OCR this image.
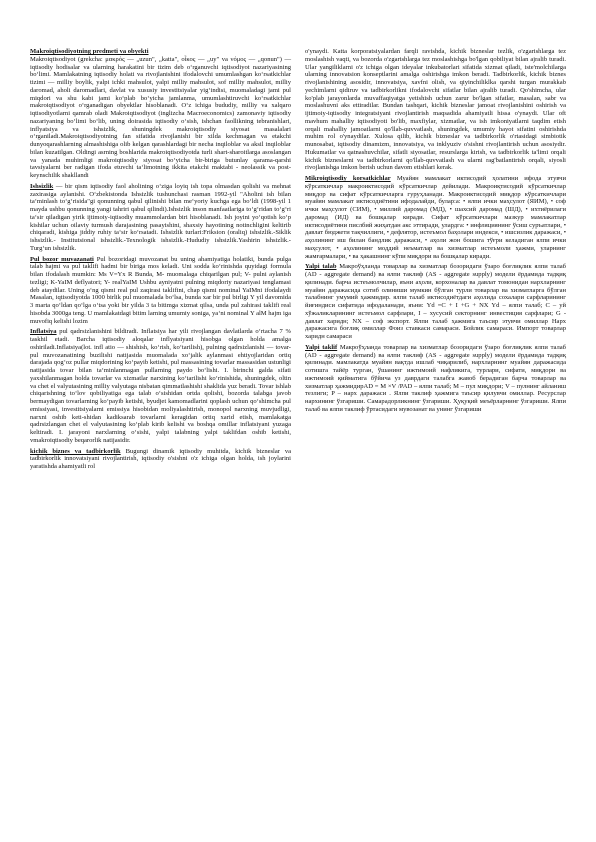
Makroiqtisodiyotning predmeti va obyekti
Makroiqtisodiyot (grekcha: μακρός — „uzun", „katta", οἶκος — „uy" va νόμος — „qonun") — iqtisodiy hodisalar va ularning harakatini bir tizim deb o‘rganuvchi iqtisodiyot nazariyasining bo‘limi. Mamlakatning iqtisodiy holati va rivojlanishini ifodalovchi umumlashgan ko‘rsatkichlar tizimi — milliy boylik, yalpi ichki mahsulot, yalpi milliy mahsulot, sof milliy mahsulot, milliy daromad, aholi daromadlari, davlat va xususiy investitsiyalar yig‘indisi, muomaladagi jami pul miqdori va shu kabi jami ko‘plab bo‘yicha jamlanma, umumlashtiruvchi ko‘rsatkichlar makroiqtisodiyot o‘rganadigan obyektlar hisoblanadi. O‘z ichiga bududiy, milliy va xalqaro iqtisodiyotlarni qamrab oladi Makroiqtisodiyot (inglizcha Macroeconomics) zamonaviy iqtisodiy nazariyaning bo‘limi bo‘lib, uning doirasida iqtisodiy o‘sish, ishchan faollikning tebranishlari, inflyatsiya va ishsizlik, shuningdek makroiqtisodiy siyosat masalalari o‘rganiladi.Makroiqtisodiyotning fan sifatida rivojlanishi bir xilda kechmagan va etakchi dunyoqarashlarning almashishiga olib kelgan qarashlardagi bir necha inqiloblar va aksil inqiloblar bilan kuzatilgan. Oldingi asrning boshlarida makroiqtisodiyotda turli shart-sharoitlarga asoslangan va yanada muhimligi makroiqtisodiy siyosat bo‘yicha bir-biriga butunlay qarama-qarshi tavsiyalarni ber radigan ifoda etuvchi ta‘limotning ikkita etakchi maktabi - neolassik va post-keynschilik shakllandi

Ishsizlik — bir qism iqtisodiy faol aholining o‘ziga loyiq ish topa olmasdan qolishi va mehnat zaxirasiga aylanishi. O‘zbekistonda Ishsizlik tushunchasi rasman 1992-yil "Aholini ish bilan ta‘minlash to‘g‘risida"gi qonunning qabul qilinishi bilan me‘yoriy kuchga ega bo‘ldi (1998-yil 1 mayda ushbu qonunning yangi tahriri qabul qilindi).Ishsizlik inson manfaatlariga to‘g‘ridan to‘g‘ri ta‘sir qiladigan yirik ijtimoiy-iqtisodiy muammolardan biri hisoblanadi. Ish joyini yo‘qotish ko‘p kishilar uchun oilaviy turmush darajasining pasayishini, shaxsiy hayotining notinchligini keltirib chiqaradi, kishiga jiddiy ruhiy ta‘sir ko‘rsatadi. Ishsizlik turlari:Friksion (oraliq) ishsizlik.-Siklik ishsizlik.- Institutsional ishsizlik.-Texnologik ishsizlik.-Hududiy ishsizlik.Yashirin ishsizlik.-Turg‘un ishsizlik.

Pul bozor muvazanati Pul bozoridagi muvozanat bu uning ahamiyatiga holatiki, bunda pulga talab hajmi va pul taklifi hadmi bir biriga mos keladi. Uni sodda ko‘rinishda quyidagi formula bilan ifodalash mumkin: Ms V=Yx R Bunda, M- muomalaga chiqarilgan pul; V- pulni aylanish tezligi; K-YaIM deflyatori; Y- realYaIM Ushbu ayniyatni pulning miqdoriy nazariyasi tenglamasi deb ataydilar. Uning o‘ng qismi real pul zaqirasi taklifini, chap qismi nominal YaIMni ifodalaydi Masalan, iqtisodiyotda 1000 birlik pul muomalada bo‘lsa, bunda xar bir pul birligi Y yil davomida 3 marta qo‘ldan qo‘lga o‘tsa yoki bir yilda 3 ta bitimga xizmat qilsa, unda pul zahirasi taklifi real hisobda 3000ga teng. U mamlakatdagi bitim larning umumiy soniga, ya‘ni nominal Y alM hajm iga muvofiq kelishi lozim

Inflatsiya pul qadrsizlanishini bildiradi. Inflatsiya har yili rivojlangan davlatlarda o‘rtacha 7 % taskhil etadi. Barcha iqtisodiy aloqalar inflyatsiyani hisobga olgan holda amalga oshiriladi.Inflatsiya(lot. infl atio — shishish, ko‘rish, ko‘tarilish), pulning qadrsizlanishi — tovar-pul muvozanatining buzilishi natijasida muomalada xo‘jalik aylanmasi ehtiyojlaridan ortiq darajada qog‘oz pullar miqdorining ko‘payib ketishi, pul massasining tovarlar massasidan ustunligi natijasida tovar bilan ta‘minlanmagan pullarning paydo bo‘lishi. I. birinchi galda sifati yaxshilanmagan holda tovarlar va xizmatlar narxining ko‘tarilishi ko‘rinishida, shuningdek, oltin va chet el valyutasining milliy valyutaga nisbatan qimmatlashishi shaklida yuz beradi. Tovar ishlab chiqarishning to‘lov qobiliyatiga ega talab o‘sishidan ortda qolishi, bozorda talabga javob bermaydigan tovarlarning ko‘payib ketishi, byudjet kamomadlarini qoplash uchun qo‘shimcha pul emissiyasi, investitsiyalarni emissiya hisobidan moliyalashtirish, monopol narxning muvjudligi, narxni oshib keti-shidan kadiksarab tovarlarni keragidan ortiq xarid etish, mamlakatga qadrsizlangan chet el valyutasining ko‘plab kirib kelishi va boshqa omillar inflatsiyani yuzaga keltiradi. I. jarayoni narxlarning o‘sishi, yalpi talabning yalpi taklifdan oshib ketishi, vmakroiqtisodiy beqarorlik natijasidir.

kichik biznes va tadbirkorlik Bugungi dinamik iqtisodiy muhitda, kichik bizneslar va tadbirkorlik innovatsiyani rivojlantirish, iqtisodiy o'sishni o'z ichiga olgan holda, ish joylarini yaratishda ahamiyatli rol

o'ynaydi. Katta korporatsiyalardan farqli ravishda, kichik biznеslar tezlik, o'zgarishlarga tez moslashish vaqti, va bozorda o'zgarishlarga tez moslashishga bo'lgan qobiliyat bilan ajralib turadi. Ular yangiliklarni o'z ichiga olgan ideyalar inkubatorlari sifatida xizmat qiladi, iste'molchilarga ularning innovatsion konseptlarini amalga oshirishga imkon beradi. Tadbirkorlik, kichik biznes rivojlanishining asosidir, innovatsiya, xavfni olish, va qiyinchiliklka qarshi turgan murakkab yechimlarni qidiruv va tadbirkorlikni ifodalovchi sifatlar bilan ajralib turadi. Qo'shimcha, ular ko'plab jarayonlarda muvaffaqiyatga yetishish uchun zarur bo'lgan sifatlar, masalan, sabr va moslashuvni aks ettiradilar. Bundan tashqari, kichik biznеslar jamoat rivojlanishini oshirish va ijtimoiy-iqtisodiy integratsiyani rivojlantirish maqsadida ahamiyatli hissa o'ynaydi. Ular oft mavhum mahalliy iqtisodiyoti bo'lib, maxfiylar, xizmatlar, va ish imkoniyatlarni taqdim etish orqali mahalliy jamoatlarni qo'llab-quvvatlash, shuningdek, umumiy hayot sifatini oshirishda muhim rol o'ynaydilar. Xulosa qilib, kichik biznеslar va tadbirkorlik o'rtasidagi simbiotik munosabat, iqtisodiy dinamizm, innovatsiya, va inklyuziv o'sishni rivojlantirish uchun asosiydir. Hukumatlar va qatnashuvchilar, sifatli siyosatlar, resurslarga kirish, va tadbirkorlik ta'limi orqali kichik biznеslarni va tadbirkorlarni qo'llab-quvvatlash va ularni rag'batlantirish orqali, siyosli rivojlanishga imkon berish uchun davom etishlari kerak.

Mikroiqtisodiy korsatkichlar Муайян мамлакат иктисодий ҳолатини ифода этувчи кўрсаткичлар макроиктисодий кўрсаткичлар дейилади. Макроиқтисодий кўрсаткичлар миқдор ва сифат кўрсаткичларга гуруҳланади. Макроиктисодий миқдор кўрсаткичлари муайян мамлакат иктисодиётини ифодалайди, булар:а: • ялпи ички маҳсулот (ЯИМ), • соф ички маҳсулот (СИМ), • миллий даромад (МД), • шахсий даромад (ШД), • ихтиёрилаги даромад (ИД) ва бошқалар киради. Сифат кўрсаткичлари мазкур мамлакатлар иктисодиётини пислбий жиҳатдан акс эттиради, улардга: • инфляциянинг ўсиш суръатлари, • давлат бюджети тақчиллиги, • дефлятор, истеъмол баҳолари индекси, • ишсизлик даражаси, • аҳолининг иш билан бандлик даражаси, • аҳоли жон бошига тўғри келадиган ялпи ички маҳсулот, • аҳолининг моддий неъматлар ва хизматлар истеъмоли ҳажми, уларнинг жамғармалари, • ва ҳакашнинг кўпи миқдори ва бошқалар киради.

Yalpi talab Макроўҳланда товарлар ва хизматлар бозоридаги ўзаро боғлиқлик ялпи талаб (AD - aggregate demand) ва ялпи таклиф (AS - aggregate supply) модели ёрдамида тадқиқ қилинади. барча истеъмолчилар, яъни аҳоли, корхоналар ва давлат томонидан нархларнинг муайян даражасида сотиб олиниши мумкин бўлган турли товарлар ва хизматларга бўлган талабнинг умумий ҳажмидир. ялпи талаб иктисодиётдаги аҳолида сохалари сарфларининг йиғиндиси сифатида ифодаланади, яъни: Yd =C + I +G + NX Yd – ялпи талаб; C – уй хўжаликларининг истеъмол сарфлари, I – хусусий секторнинг инвестиция сарфлари; G - давлат харидн; NX – соф экспорт. Ялпи талаб ҳажмига таъсир этувчи омиллар Нарх даражасига боғлиқ омиллар Фоиз ставкаси самараси. Бойлик самараси. Импорт товарлар харидн самараси

Yalpi taklif Макроўҳланда товарлар ва хизматлар бозоридаги ўзаро боғлиқлик ялпи талаб (AD - aggregate demand) ва ялпи таклиф (AS - aggregate supply) модели ёрдамида тадқиқ қилинади. мамлакатда муайян вақтда ишлаб чиқарилиб, нархларнинг муайян даражасида сотишга тайёр турган, ўшанинг ижтимоий нафликига, турлари, сифати, миқдори ва ижтимоий қийматига бўйича уз даврдаги талабга жавоб берадиган барча товарлар ва хизматлар ҳажмидирAD = M ×V /PAD – ялпи талаб; M – пул миқдори; V – пулнинг айланиш тезлиги; P – нарх даражаси . Ялпи таклиф ҳажмига таъсир қилувчи омиллар. Ресурслар нархининг ўзгариши. Самарадорликнинг ўзгариши. Ҳуқуқий меъёрларнинг ўзгариши. Ялпи талаб ва ялпи таклиф ўртасидаги мувозанат ва унинг ўзгариши
